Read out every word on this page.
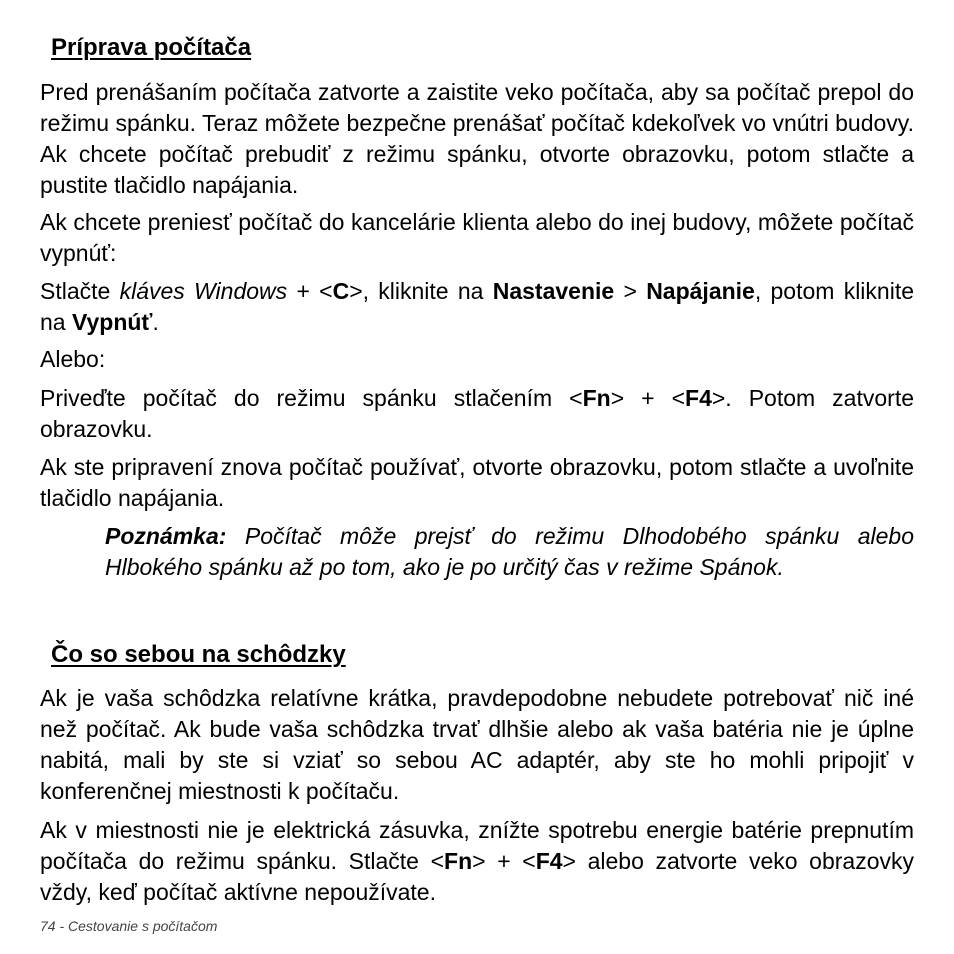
Príprava počítača

Pred prenášaním počítača zatvorte a zaistite veko počítača, aby sa počítač prepol do režimu spánku. Teraz môžete bezpečne prenášať počítač kdekoľvek vo vnútri budovy. Ak chcete počítač prebudiť z režimu spánku, otvorte obrazovku, potom stlačte a pustite tlačidlo napájania.

Ak chcete preniesť počítač do kancelárie klienta alebo do inej budovy, môžete počítač vypnúť:

Stlačte kláves Windows + <C>, kliknite na Nastavenie > Napájanie, potom kliknite na Vypnúť.

Alebo:

Priveďte počítač do režimu spánku stlačením <Fn> + <F4>. Potom zatvorte obrazovku.

Ak ste pripravení znova počítač používať, otvorte obrazovku, potom stlačte a uvoľnite tlačidlo napájania.

Poznámka: Počítač môže prejsť do režimu Dlhodobého spánku alebo Hlbokého spánku až po tom, ako je po určitý čas v režime Spánok.

Čo so sebou na schôdzky

Ak je vaša schôdzka relatívne krátka, pravdepodobne nebudete potrebovať nič iné než počítač. Ak bude vaša schôdzka trvať dlhšie alebo ak vaša batéria nie je úplne nabitá, mali by ste si vziať so sebou AC adaptér, aby ste ho mohli pripojiť v konferenčnej miestnosti k počítaču.

Ak v miestnosti nie je elektrická zásuvka, znížte spotrebu energie batérie prepnutím počítača do režimu spánku. Stlačte <Fn> + <F4> alebo zatvorte veko obrazovky vždy, keď počítač aktívne nepoužívate.

74 - Cestovanie s počítačom
